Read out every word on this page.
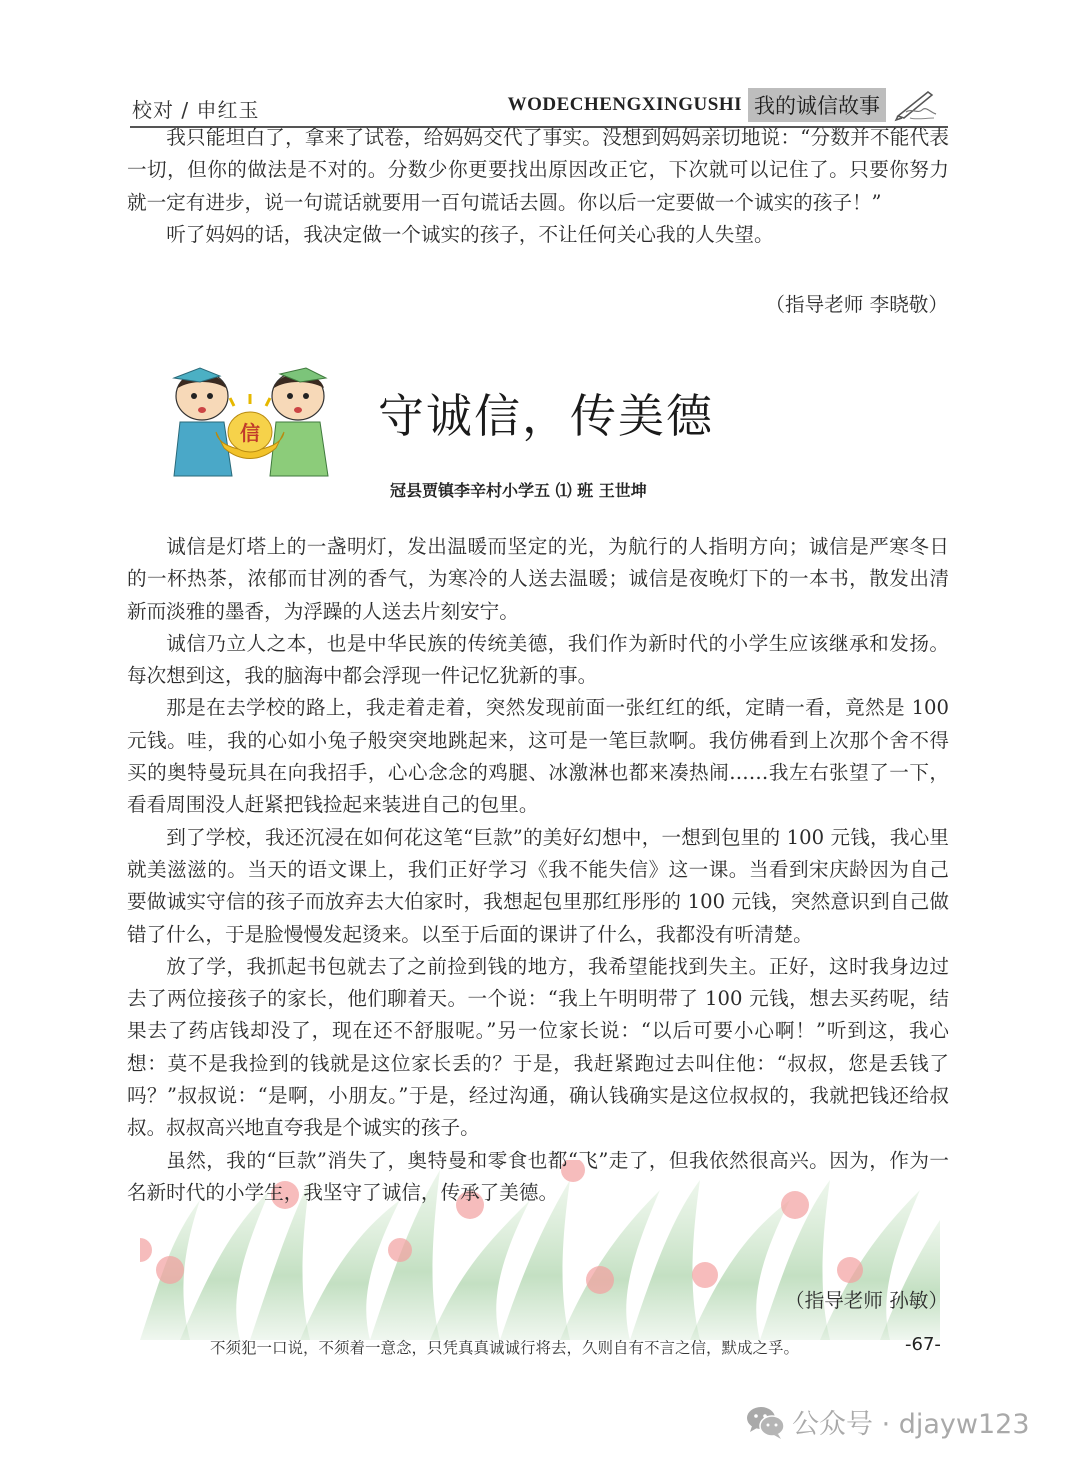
校对 / 申红玉	WODECHENGXINGUSHI 我的诚信故事

我只能坦白了，拿来了试卷，给妈妈交代了事实。没想到妈妈亲切地说：“分数并不能代表一切，但你的做法是不对的。分数少你更要找出原因改正它，下次就可以记住了。只要你努力就一定有进步，说一句谎话就要用一百句谎话去圆。你以后一定要做一个诚实的孩子！”

听了妈妈的话，我决定做一个诚实的孩子，不让任何关心我的人失望。

（指导老师 李晓敬）
信	守诚信，传美德
冠县贾镇李辛村小学五 ⑴ 班 王世坤

诚信是灯塔上的一盏明灯，发出温暖而坚定的光，为航行的人指明方向；诚信是严寒冬日的一杯热茶，浓郁而甘冽的香气，为寒冷的人送去温暖；诚信是夜晚灯下的一本书，散发出清新而淡雅的墨香，为浮躁的人送去片刻安宁。

诚信乃立人之本，也是中华民族的传统美德，我们作为新时代的小学生应该继承和发扬。每次想到这，我的脑海中都会浮现一件记忆犹新的事。

那是在去学校的路上，我走着走着，突然发现前面一张红红的纸，定睛一看，竟然是 100 元钱。哇，我的心如小兔子般突突地跳起来，这可是一笔巨款啊。我仿佛看到上次那个舍不得买的奥特曼玩具在向我招手，心心念念的鸡腿、冰激淋也都来凑热闹……我左右张望了一下，看看周围没人赶紧把钱捡起来装进自己的包里。

到了学校，我还沉浸在如何花这笔“巨款”的美好幻想中，一想到包里的 100 元钱，我心里就美滋滋的。当天的语文课上，我们正好学习《我不能失信》这一课。当看到宋庆龄因为自己要做诚实守信的孩子而放弃去大伯家时，我想起包里那红彤彤的 100 元钱，突然意识到自己做错了什么，于是脸慢慢发起烫来。以至于后面的课讲了什么，我都没有听清楚。

放了学，我抓起书包就去了之前捡到钱的地方，我希望能找到失主。正好，这时我身边过去了两位接孩子的家长，他们聊着天。一个说：“我上午明明带了 100 元钱，想去买药呢，结果去了药店钱却没了，现在还不舒服呢。”另一位家长说：“以后可要小心啊！”听到这，我心想：莫不是我捡到的钱就是这位家长丢的？于是，我赶紧跑过去叫住他：“叔叔，您是丢钱了吗？”叔叔说：“是啊，小朋友。”于是，经过沟通，确认钱确实是这位叔叔的，我就把钱还给叔叔。叔叔高兴地直夸我是个诚实的孩子。

虽然，我的“巨款”消失了，奥特曼和零食也都“飞”走了，但我依然很高兴。因为，作为一名新时代的小学生，我坚守了诚信，传承了美德。

（指导老师 孙敏）
不须犯一口说，不须着一意念，只凭真真诚诚行将去，久则自有不言之信，默成之孚。	-67-
公众号 · djayw123
